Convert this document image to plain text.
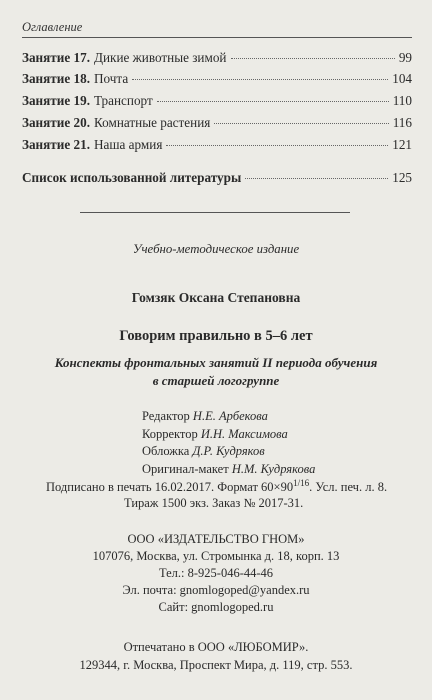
Оглавление
Занятие 17. Дикие животные зимой	99
Занятие 18. Почта	104
Занятие 19. Транспорт	110
Занятие 20. Комнатные растения	116
Занятие 21. Наша армия	121
Список использованной литературы	125
Учебно-методическое издание
Гомзяк Оксана Степановна
Говорим правильно в 5–6 лет
Конспекты фронтальных занятий II периода обучения
в старшей логогруппе
Редактор Н.Е. Арбекова
Корректор И.Н. Максимова
Обложка Д.Р. Кудряков
Оригинал-макет Н.М. Кудрякова
Подписано в печать 16.02.2017. Формат $60\times 90^{1/16}$. Усл. печ. л. 8.
Тираж 1500 экз. Заказ № 2017-31.
ООО «ИЗДАТЕЛЬСТВО ГНОМ»
107076, Москва, ул. Стромынка д. 18, корп. 13
Тел.: 8-925-046-44-46
Эл. почта: gnomlogoped@yandex.ru
Сайт: gnomlogoped.ru
Отпечатано в ООО «ЛЮБОМИР».
129344, г. Москва, Проспект Мира, д. 119, стр. 553.
